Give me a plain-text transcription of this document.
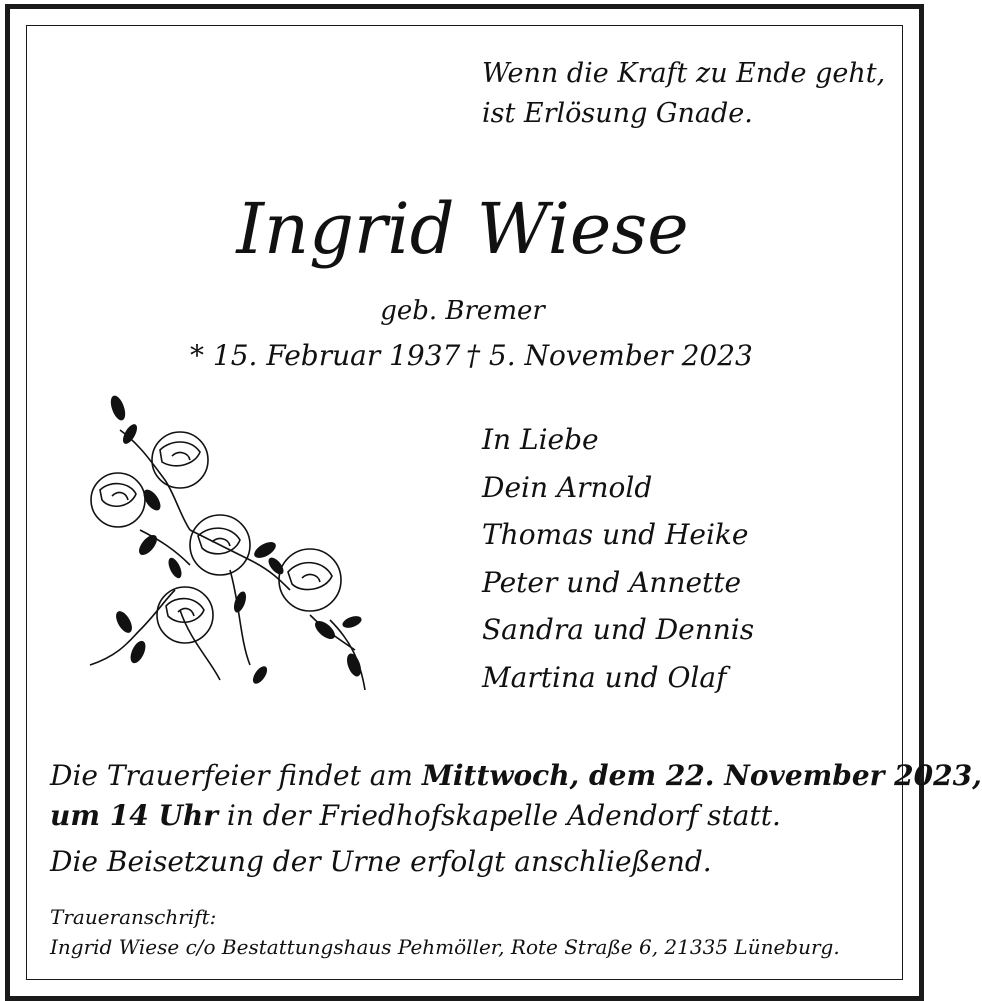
Wenn die Kraft zu Ende geht,
ist Erlösung Gnade.
Ingrid Wiese
geb. Bremer
* 15. Februar 1937 † 5. November 2023
In Liebe
Dein Arnold
Thomas und Heike
Peter und Annette
Sandra und Dennis
Martina und Olaf
Die Trauerfeier findet am Mittwoch, dem 22. November 2023,
um 14 Uhr in der Friedhofskapelle Adendorf statt.
Die Beisetzung der Urne erfolgt anschließend.
Traueranschrift:
Ingrid Wiese c/o Bestattungshaus Pehmöller, Rote Straße 6, 21335 Lüneburg.
